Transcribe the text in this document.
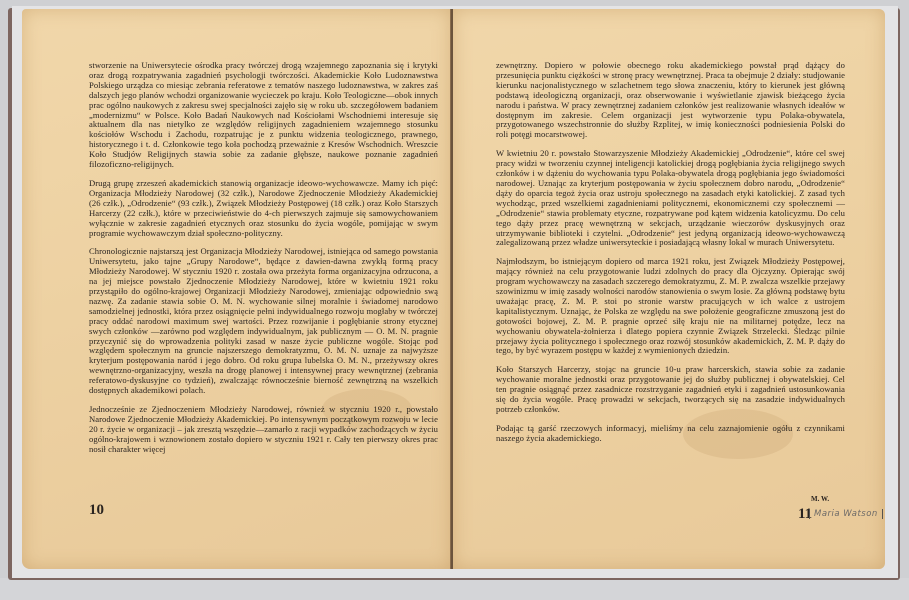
stworzenie na Uniwersytecie ośrodka pracy twórczej drogą wzajemnego zapoznania się i krytyki oraz drogą rozpatrywania zagadnień psychologji twórczości. Akademickie Koło Ludoznawstwa Polskiego urządza co miesiąc zebrania referatowe z tematów naszego ludoznawstwa, w zakres zaś dalszych jego planów wchodzi organizowanie wycieczek po kraju. Koło Teologiczne—obok innych prac ogólno naukowych z zakresu swej specjalności zajęło się w roku ub. szczegółowem badaniem „modernizmu“ w Polsce. Koło Badań Naukowych nad Kościołami Wschodniemi interesuje się aktualnem dla nas nietylko ze względów religijnych zagadnieniem wzajemnego stosunku kościołów Wschodu i Zachodu, rozpatrując je z punktu widzenia teologicznego, prawnego, historycznego i t. d. Członkowie tego koła pochodzą przeważnie z Kresów Wschodnich. Wreszcie Koło Studjów Religijnych stawia sobie za zadanie głębsze, naukowe poznanie zagadnień filozoficzno-religijnych.

Drugą grupę zrzeszeń akademickich stanowią organizacje ideowo-wychowawcze. Mamy ich pięć: Organizacja Młodzieży Narodowej (32 człk.), Narodowe Zjednoczenie Młodzieży Akademickiej (26 człk.), „Odrodzenie“ (93 człk.), Związek Młodzieży Postępowej (18 człk.) oraz Koło Starszych Harcerzy (22 człk.), które w przeciwieństwie do 4-ch pierwszych zajmuje się samowychowaniem wyłącznie w zakresie zagadnień etycznych oraz stosunku do życia wogóle, pomijając w swym programie wychowawczym dział społeczno-polityczny.

Chronologicznie najstarszą jest Organizacja Młodzieży Narodowej, istniejąca od samego powstania Uniwersytetu, jako tajne „Grupy Narodowe“, będące z dawien-dawna zwykłą formą pracy Młodzieży Narodowej. W styczniu 1920 r. została owa przeżyta forma organizacyjna odrzucona, a na jej miejsce powstało Zjednoczenie Młodzieży Narodowej, które w kwietniu 1921 roku przystąpiło do ogólno-krajowej Organizacji Młodzieży Narodowej, zmieniając odpowiednio swą nazwę. Za zadanie stawia sobie O. M. N. wychowanie silnej moralnie i świadomej narodowo samodzielnej jednostki, która przez osiągnięcie pełni indywidualnego rozwoju mogłaby w twórczej pracy oddać narodowi maximum swej wartości. Przez rozwijanie i pogłębianie strony etycznej swych członków —zarówno pod względem indywidualnym, jak publicznym — O. M. N. pragnie przyczynić się do wprowadzenia polityki zasad w nasze życie publiczne wogóle. Stojąc pod względem społecznym na gruncie najszerszego demokratyzmu, O. M. N. uznaje za najwyższe kryterjum postępowania naród i jego dobro. Od roku grupa lubelska O. M. N., przeżywszy okres wewnętrzno-organizacyjny, weszła na drogę planowej i intensywnej pracy wewnętrznej (zebrania referatowo-dyskusyjne co tydzień), zwalczając równocześnie bierność zewnętrzną na wszelkich dostępnych akademikowi polach.

Jednocześnie ze Zjednoczeniem Młodzieży Narodowej, również w styczniu 1920 r., powstało Narodowe Zjednoczenie Młodzieży Akademickiej. Po intensywnym początkowym rozwoju w lecie 20 r. życie w organizacji – jak zresztą wszędzie—zamarło z racji wypadków zachodzących w życiu ogólno-krajowem i wznowionem zostało dopiero w styczniu 1921 r. Cały ten pierwszy okres prac nosił charakter więcej

10

zewnętrzny. Dopiero w połowie obecnego roku akademickiego powstał prąd dążący do przesunięcia punktu ciężkości w stronę pracy wewnętrznej. Praca ta obejmuje 2 działy: studjowanie kierunku nacjonalistycznego w szlachetnem tego słowa znaczeniu, który to kierunek jest główną podstawą ideologiczną organizacji, oraz obserwowanie i wyświetlanie zjawisk bieżącego życia narodu i państwa. W pracy zewnętrznej zadaniem członków jest realizowanie własnych ideałów w dostępnym im zakresie. Celem organizacji jest wytworzenie typu Polaka-obywatela, przygotowanego wszechstronnie do służby Rzplitej, w imię konieczności podniesienia Polski do roli potęgi mocarstwowej.

W kwietniu 20 r. powstało Stowarzyszenie Młodzieży Akademickiej „Odrodzenie“, które cel swej pracy widzi w tworzeniu czynnej inteligencji katolickiej drogą pogłębiania życia religijnego swych członków i w dążeniu do wychowania typu Polaka-obywatela drogą pogłębiania jego świadomości narodowej. Uznając za kryterjum postępowania w życiu społecznem dobro narodu, „Odrodzenie“ dąży do oparcia tegoż życia oraz ustroju społecznego na zasadach etyki katolickiej. Z zasad tych wychodząc, przed wszelkiemi zagadnieniami politycznemi, ekonomicznemi czy społecznemi — „Odrodzenie“ stawia problematy etyczne, rozpatrywane pod kątem widzenia katolicyzmu. Do celu tego dąży przez pracę wewnętrzną w sekcjach, urządzanie wieczorów dyskusyjnych oraz utrzymywanie biblioteki i czytelni. „Odrodzenie“ jest jedyną organizacją ideowo-wychowawczą zalegalizowaną przez władze uniwersyteckie i posiadającą własny lokal w murach Uniwersytetu.

Najmłodszym, bo istniejącym dopiero od marca 1921 roku, jest Związek Młodzieży Postępowej, mający również na celu przygotowanie ludzi zdolnych do pracy dla Ojczyzny. Opierając swój program wychowawczy na zasadach szczerego demokratyzmu, Z. M. P. zwalcza wszelkie przejawy szowinizmu w imię zasady wolności narodów stanowienia o swym losie. Za główną podstawę bytu uważając pracę, Z. M. P. stoi po stronie warstw pracujących w ich walce z ustrojem kapitalistycznym. Uznając, że Polska ze względu na swe położenie geograficzne zmuszoną jest do gotowości bojowej, Z. M. P. pragnie oprzeć siłę kraju nie na militarnej potędze, lecz na wychowaniu obywatela-żołnierza i dlatego popiera czynnie Związek Strzelecki. Śledząc pilnie przejawy życia politycznego i społecznego oraz rozwój stosunków akademickich, Z. M. P. dąży do tego, by być wyrazem postępu w każdej z wymienionych dziedzin.

Koło Starszych Harcerzy, stojąc na gruncie 10-u praw harcerskich, stawia sobie za zadanie wychowanie moralne jednostki oraz przygotowanie jej do służby publicznej i obywatelskiej. Cel ten pragnie osiągnąć przez zasadnicze rozstrzyganie zagadnień etyki i zagadnień ustosunkowania się do życia wogóle. Pracę prowadzi w sekcjach, tworzących się na zasadzie indywidualnych potrzeb członków.

Podając tą garść rzeczowych informacyj, mieliśmy na celu zaznajomienie ogółu z czynnikami naszego życia akademickiego.

M. W.
11 Maria Watson
